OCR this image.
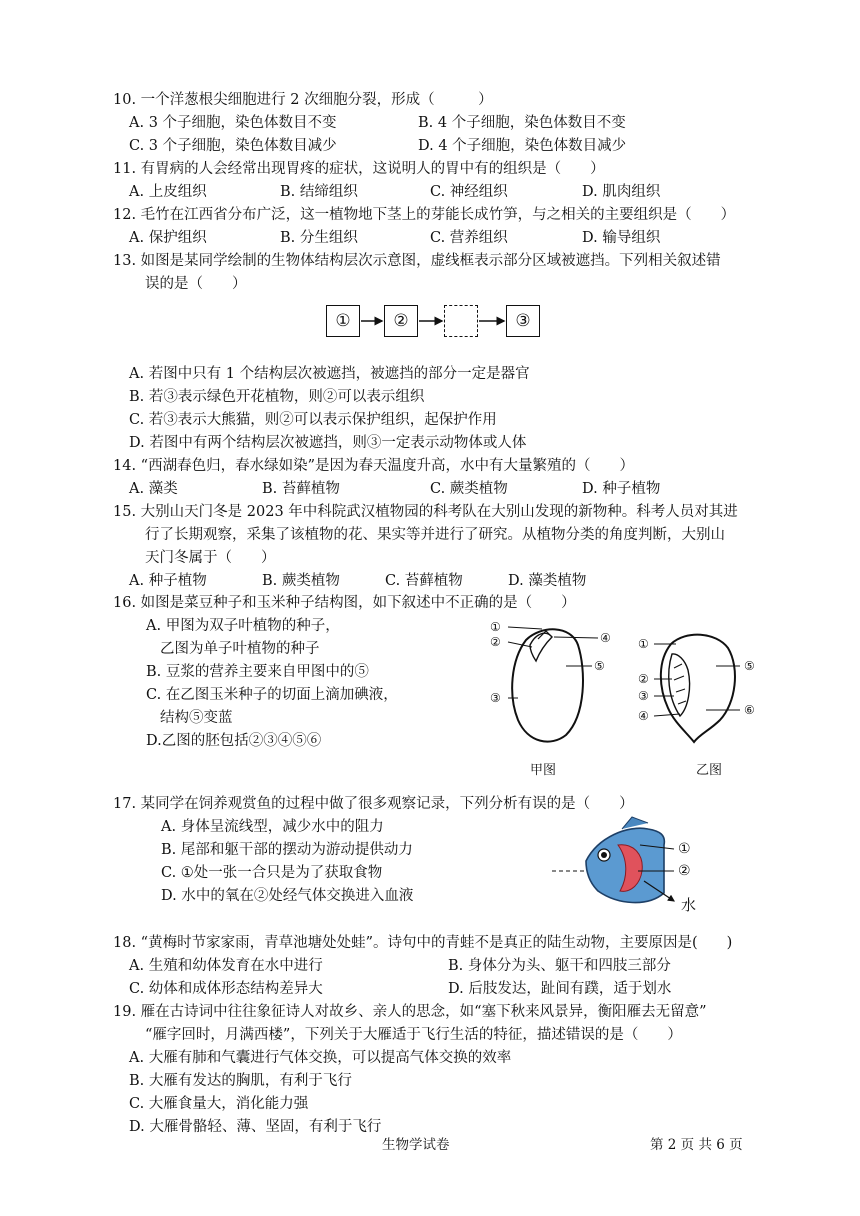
10. 一个洋葱根尖细胞进行 2 次细胞分裂，形成（　　　）
A. 3 个子细胞，染色体数目不变	B. 4 个子细胞，染色体数目不变
C. 3 个子细胞，染色体数目减少	D. 4 个子细胞，染色体数目减少
11. 有胃病的人会经常出现胃疼的症状，这说明人的胃中有的组织是（　　）
A. 上皮组织	B. 结缔组织	C. 神经组织	D. 肌肉组织
12. 毛竹在江西省分布广泛，这一植物地下茎上的芽能长成竹笋，与之相关的主要组织是（　　）
A. 保护组织	B. 分生组织	C. 营养组织	D. 输导组织
13. 如图是某同学绘制的生物体结构层次示意图，虚线框表示部分区域被遮挡。下列相关叙述错
误的是（　　）
①	②	③
A. 若图中只有 1 个结构层次被遮挡，被遮挡的部分一定是器官
B. 若③表示绿色开花植物，则②可以表示组织
C. 若③表示大熊猫，则②可以表示保护组织，起保护作用
D. 若图中有两个结构层次被遮挡，则③一定表示动物体或人体
14. “西湖春色归，春水绿如染”是因为春天温度升高，水中有大量繁殖的（　　）
A. 藻类	B. 苔藓植物	C. 蕨类植物	D. 种子植物
15. 大别山天门冬是 2023 年中科院武汉植物园的科考队在大别山发现的新物种。科考人员对其进
行了长期观察，采集了该植物的花、果实等并进行了研究。从植物分类的角度判断，大别山
天门冬属于（　　）
A. 种子植物	B. 蕨类植物	C. 苔藓植物	D. 藻类植物
16. 如图是菜豆种子和玉米种子结构图，如下叙述中不正确的是（　　）
A. 甲图为双子叶植物的种子，
乙图为单子叶植物的种子
B. 豆浆的营养主要来自甲图中的⑤
C. 在乙图玉米种子的切面上滴加碘液，
结构⑤变蓝
D.乙图的胚包括②③④⑤⑥
①
②
③
④
⑤
甲图
①
⑤
②
③
④	⑥
乙图
17. 某同学在饲养观赏鱼的过程中做了很多观察记录，下列分析有误的是（　　）
A. 身体呈流线型，减少水中的阻力
B. 尾部和躯干部的摆动为游动提供动力
C. ①处一张一合只是为了获取食物
D. 水中的氧在②处经气体交换进入血液
①
②
水
18. “黄梅时节家家雨，青草池塘处处蛙”。诗句中的青蛙不是真正的陆生动物，主要原因是(　　)
A. 生殖和幼体发育在水中进行	B. 身体分为头、躯干和四肢三部分
C. 幼体和成体形态结构差异大	D. 后肢发达，趾间有蹼，适于划水
19. 雁在古诗词中往往象征诗人对故乡、亲人的思念，如“塞下秋来风景异，衡阳雁去无留意”
“雁字回时，月满西楼”，下列关于大雁适于飞行生活的特征，描述错误的是（　　）
A. 大雁有肺和气囊进行气体交换，可以提高气体交换的效率
B. 大雁有发达的胸肌，有利于飞行
C. 大雁食量大，消化能力强
D. 大雁骨骼轻、薄、坚固，有利于飞行
生物学试卷	第 2 页 共 6 页
